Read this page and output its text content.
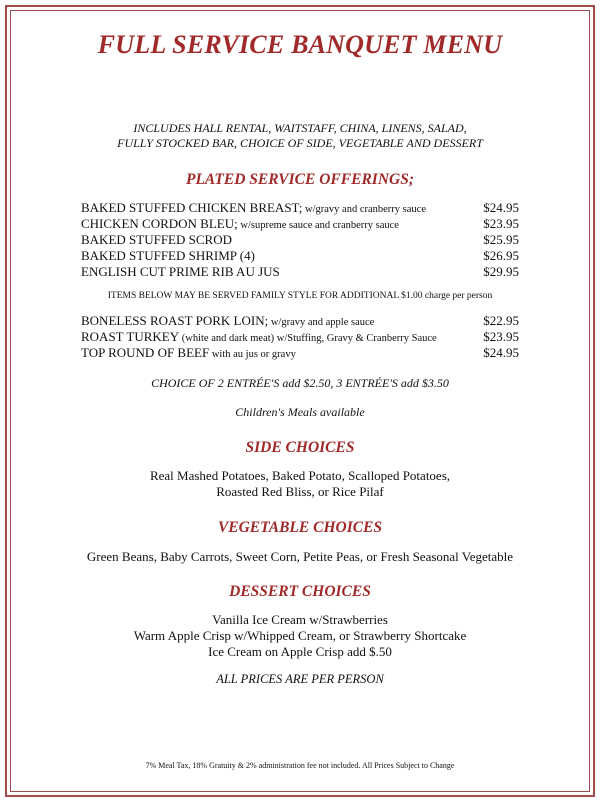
FULL SERVICE BANQUET MENU
INCLUDES HALL RENTAL, WAITSTAFF, CHINA, LINENS, SALAD,
FULLY STOCKED BAR, CHOICE OF SIDE, VEGETABLE AND DESSERT
PLATED SERVICE OFFERINGS;
BAKED STUFFED CHICKEN BREAST; w/gravy and cranberry sauce	$24.95
CHICKEN CORDON BLEU; w/supreme sauce and cranberry sauce	$23.95
BAKED STUFFED SCROD	$25.95
BAKED STUFFED SHRIMP (4)	$26.95
ENGLISH CUT PRIME RIB AU JUS	$29.95
ITEMS BELOW MAY BE SERVED FAMILY STYLE FOR ADDITIONAL $1.00 charge per person
BONELESS ROAST PORK LOIN; w/gravy and apple sauce	$22.95
ROAST TURKEY (white and dark meat) w/Stuffing, Gravy & Cranberry Sauce	$23.95
TOP ROUND OF BEEF with au jus or gravy	$24.95
CHOICE OF 2 ENTRÉE'S add $2.50, 3 ENTRÉE'S add $3.50
Children's Meals available
SIDE CHOICES
Real Mashed Potatoes, Baked Potato, Scalloped Potatoes,
Roasted Red Bliss, or Rice Pilaf
VEGETABLE CHOICES
Green Beans, Baby Carrots, Sweet Corn, Petite Peas, or Fresh Seasonal Vegetable
DESSERT CHOICES
Vanilla Ice Cream w/Strawberries
Warm Apple Crisp w/Whipped Cream, or Strawberry Shortcake
Ice Cream on Apple Crisp add $.50
ALL PRICES ARE PER PERSON
7% Meal Tax, 18% Gratuity & 2% administration fee not included. All Prices Subject to Change
